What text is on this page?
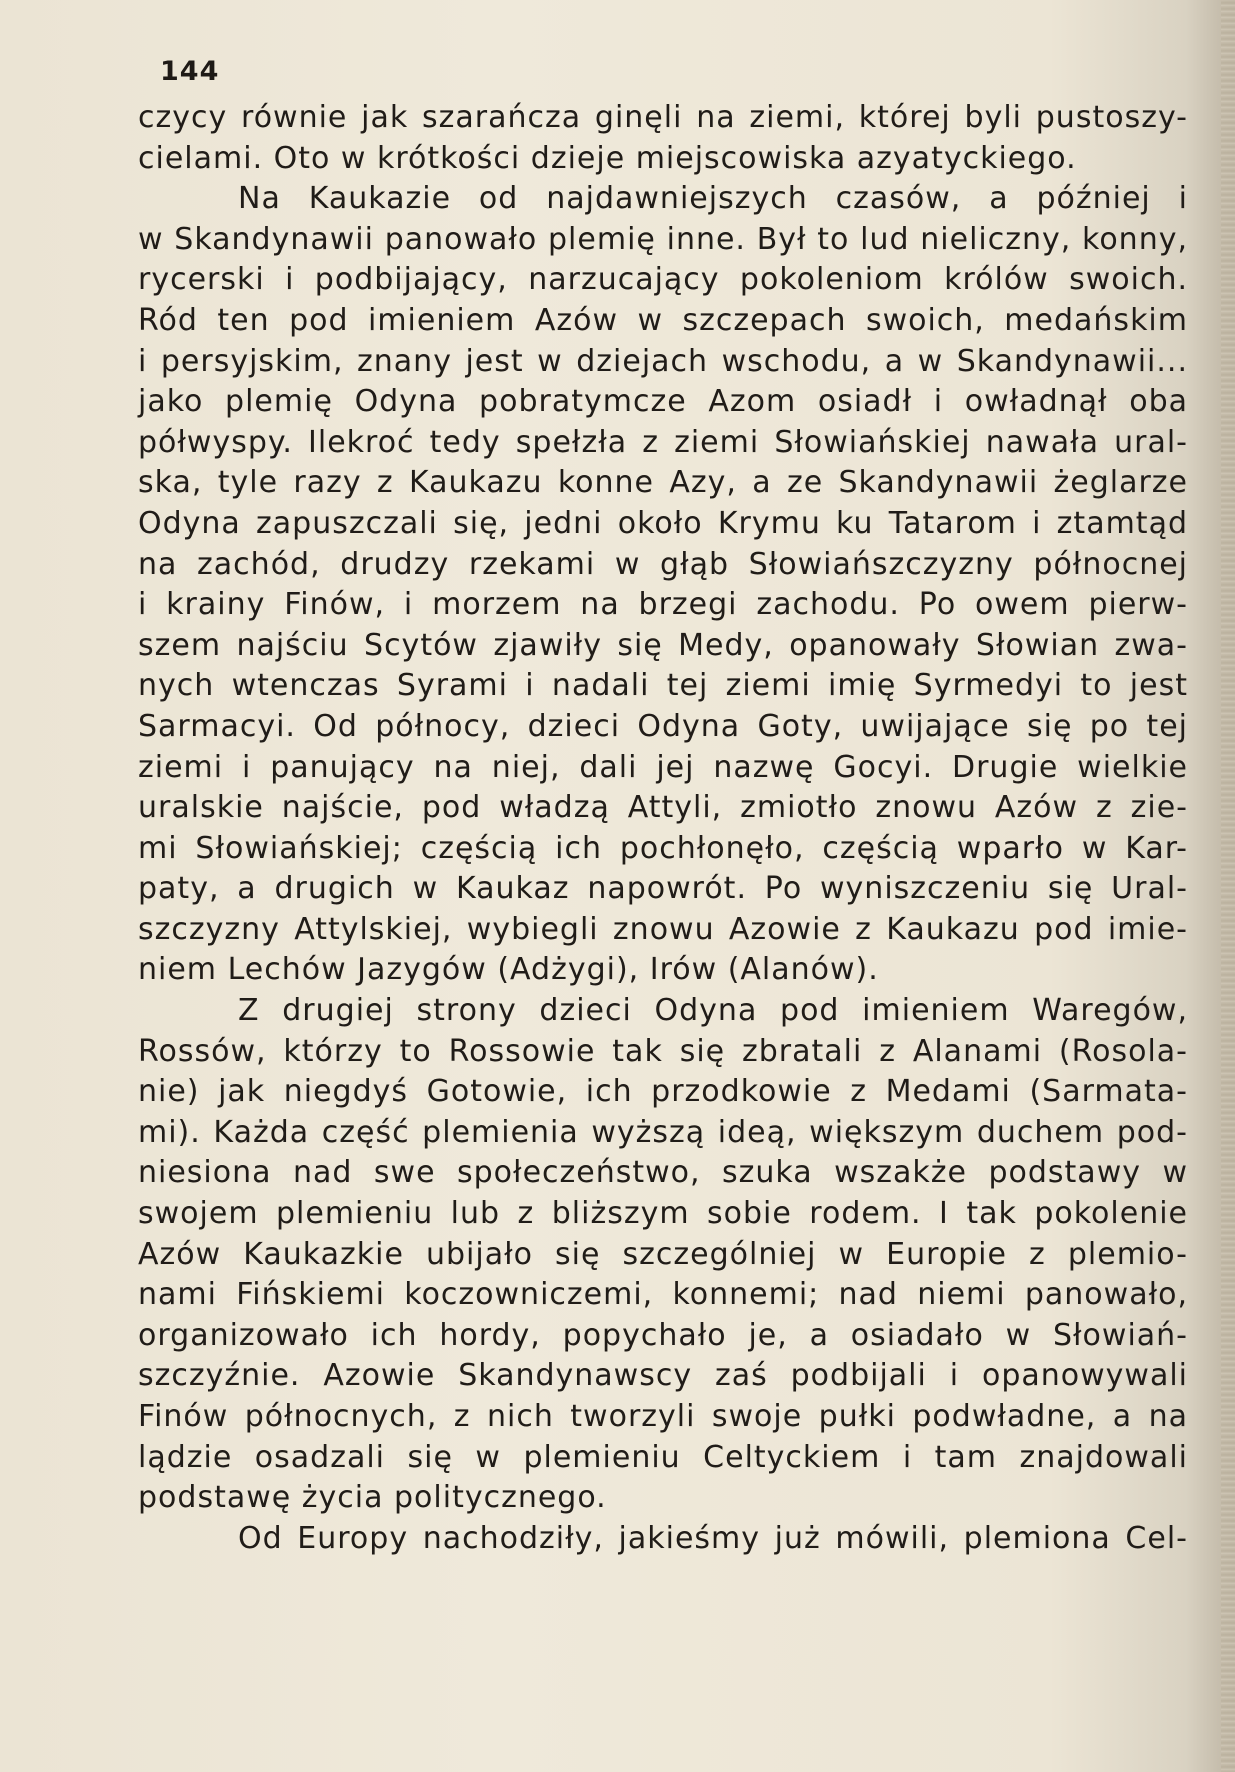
144
czycy równie jak szarańcza ginęli na ziemi, której byli pustoszy-
cielami. Oto w krótkości dzieje miejscowiska azyatyckiego.
Na Kaukazie od najdawniejszych czasów, a później i
w Skandynawii panowało plemię inne. Był to lud nieliczny, konny,
rycerski i podbijający, narzucający pokoleniom królów swoich.
Ród ten pod imieniem Azów w szczepach swoich, medańskim
i persyjskim, znany jest w dziejach wschodu, a w Skandynawii...
jako plemię Odyna pobratymcze Azom osiadł i owładnął oba
półwyspy. Ilekroć tedy spełzła z ziemi Słowiańskiej nawała ural-
ska, tyle razy z Kaukazu konne Azy, a ze Skandynawii żeglarze
Odyna zapuszczali się, jedni około Krymu ku Tatarom i ztamtąd
na zachód, drudzy rzekami w głąb Słowiańszczyzny północnej
i krainy Finów, i morzem na brzegi zachodu. Po owem pierw-
szem najściu Scytów zjawiły się Medy, opanowały Słowian zwa-
nych wtenczas Syrami i nadali tej ziemi imię Syrmedyi to jest
Sarmacyi. Od północy, dzieci Odyna Goty, uwijające się po tej
ziemi i panujący na niej, dali jej nazwę Gocyi. Drugie wielkie
uralskie najście, pod władzą Attyli, zmiotło znowu Azów z zie-
mi Słowiańskiej; częścią ich pochłonęło, częścią wparło w Kar-
paty, a drugich w Kaukaz napowrót. Po wyniszczeniu się Ural-
szczyzny Attylskiej, wybiegli znowu Azowie z Kaukazu pod imie-
niem Lechów Jazygów (Adżygi), Irów (Alanów).
Z drugiej strony dzieci Odyna pod imieniem Waregów,
Rossów, którzy to Rossowie tak się zbratali z Alanami (Rosola-
nie) jak niegdyś Gotowie, ich przodkowie z Medami (Sarmata-
mi). Każda część plemienia wyższą ideą, większym duchem pod-
niesiona nad swe społeczeństwo, szuka wszakże podstawy w
swojem plemieniu lub z bliższym sobie rodem. I tak pokolenie
Azów Kaukazkie ubijało się szczególniej w Europie z plemio-
nami Fińskiemi koczowniczemi, konnemi; nad niemi panowało,
organizowało ich hordy, popychało je, a osiadało w Słowiań-
szczyźnie. Azowie Skandynawscy zaś podbijali i opanowywali
Finów północnych, z nich tworzyli swoje pułki podwładne, a na
lądzie osadzali się w plemieniu Celtyckiem i tam znajdowali
podstawę życia politycznego.
Od Europy nachodziły, jakieśmy już mówili, plemiona Cel-
